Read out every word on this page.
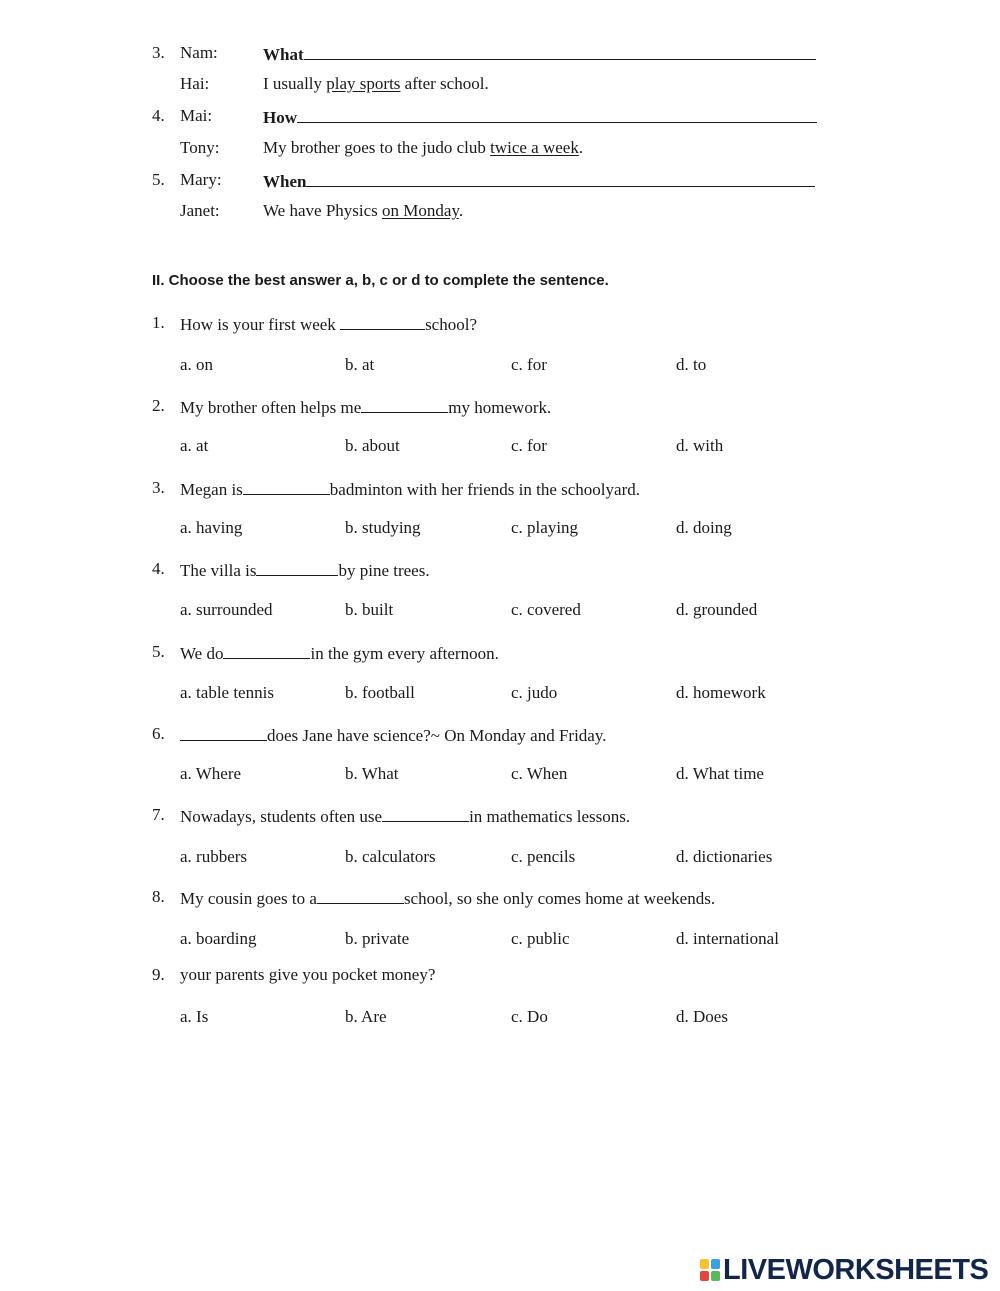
3. Nam:	What
Hai:	I usually play sports after school.
4. Mai:	How
Tony:	My brother goes to the judo club twice a week.
5. Mary: When
Janet:	We have Physics on Monday.
II. Choose the best answer a, b, c or d to complete the sentence.
1. How is your first week	school?
a. on	b. at	c. for	d. to
2. My brother often helps me	my homework.
a. at	b. about	c. for	d. with
3. Megan is	badminton with her friends in the schoolyard.
a. having	b. studying	c. playing	d. doing
4. The villa is	by pine trees.
a. surrounded	b. built	c. covered	d. grounded
5. We do	in the gym every afternoon.
a. table tennis	b. football	c. judo	d. homework
6.	does Jane have science?~ On Monday and Friday.
a. Where	b. What	c. When	d. What time
7. Nowadays, students often use	in mathematics lessons.
a. rubbers	b. calculators	c. pencils	d. dictionaries
8. My cousin goes to a	school, so she only comes home at weekends.
a. boarding	b. private	c. public	d. international
9. your parents give you pocket money?
a. Is	b. Are	c. Do	d. Does
LIVEWORKSHEETS
